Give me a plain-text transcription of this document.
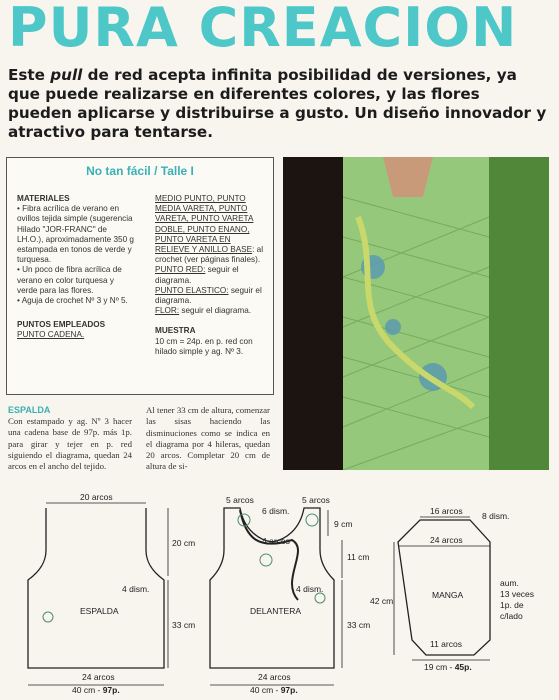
PURA CREACION
Este pull de red acepta infinita posibilidad de versiones, ya que puede realizarse en diferentes colores, y las flores pueden aplicarse y distribuirse a gusto. Un diseño innovador y atractivo para tentarse.
No tan fácil / Talle I
MATERIALES
• Fibra acrílica de verano en ovillos tejida simple (sugerencia Hilado "JOR-FRANC" de LH.O.), aproximadamente 350 g estampada en tonos de verde y turquesa.
• Un poco de fibra acrílica de verano en color turquesa y verde para las flores.
• Aguja de crochet Nº 3 y Nº 5.
PUNTOS EMPLEADOS
PUNTO CADENA.
MEDIO PUNTO, PUNTO MEDIA VARETA, PUNTO VARETA, PUNTO VARETA DOBLE, PUNTO ENANO, PUNTO VARETA EN RELIEVE Y ANILLO BASE: al crochet (ver páginas finales).
PUNTO RED: seguir el diagrama.
PUNTO ELASTICO: seguir el diagrama.
FLOR: seguir el diagrama.
MUESTRA
10 cm = 24p. en p. red con hilado simple y ag. Nº 3.
ESPALDA
Con estampado y ag. Nº 3 hacer una cadena base de 97p. más 1p. para girar y tejer en p. red siguiendo el diagrama, quedan 24 arcos en el ancho del tejido.
Al tener 33 cm de altura, comenzar las sisas haciendo las disminuciones como se indica en el diagrama por 4 hileras, quedan 20 arcos. Completar 20 cm de altura de si-
20 arcos
20 cm
4 dism.
33 cm
ESPALDA
24 arcos
40 cm - 97p.
5 arcos	5 arcos
6 dism.
9 cm
4 arcos
11 cm
4 dism.
33 cm
DELANTERA
24 arcos
40 cm - 97p.
16 arcos 8 dism.
24 arcos
42 cm
MANGA
aum.
13 veces
1p. de
c/lado
11 arcos
19 cm - 45p.
